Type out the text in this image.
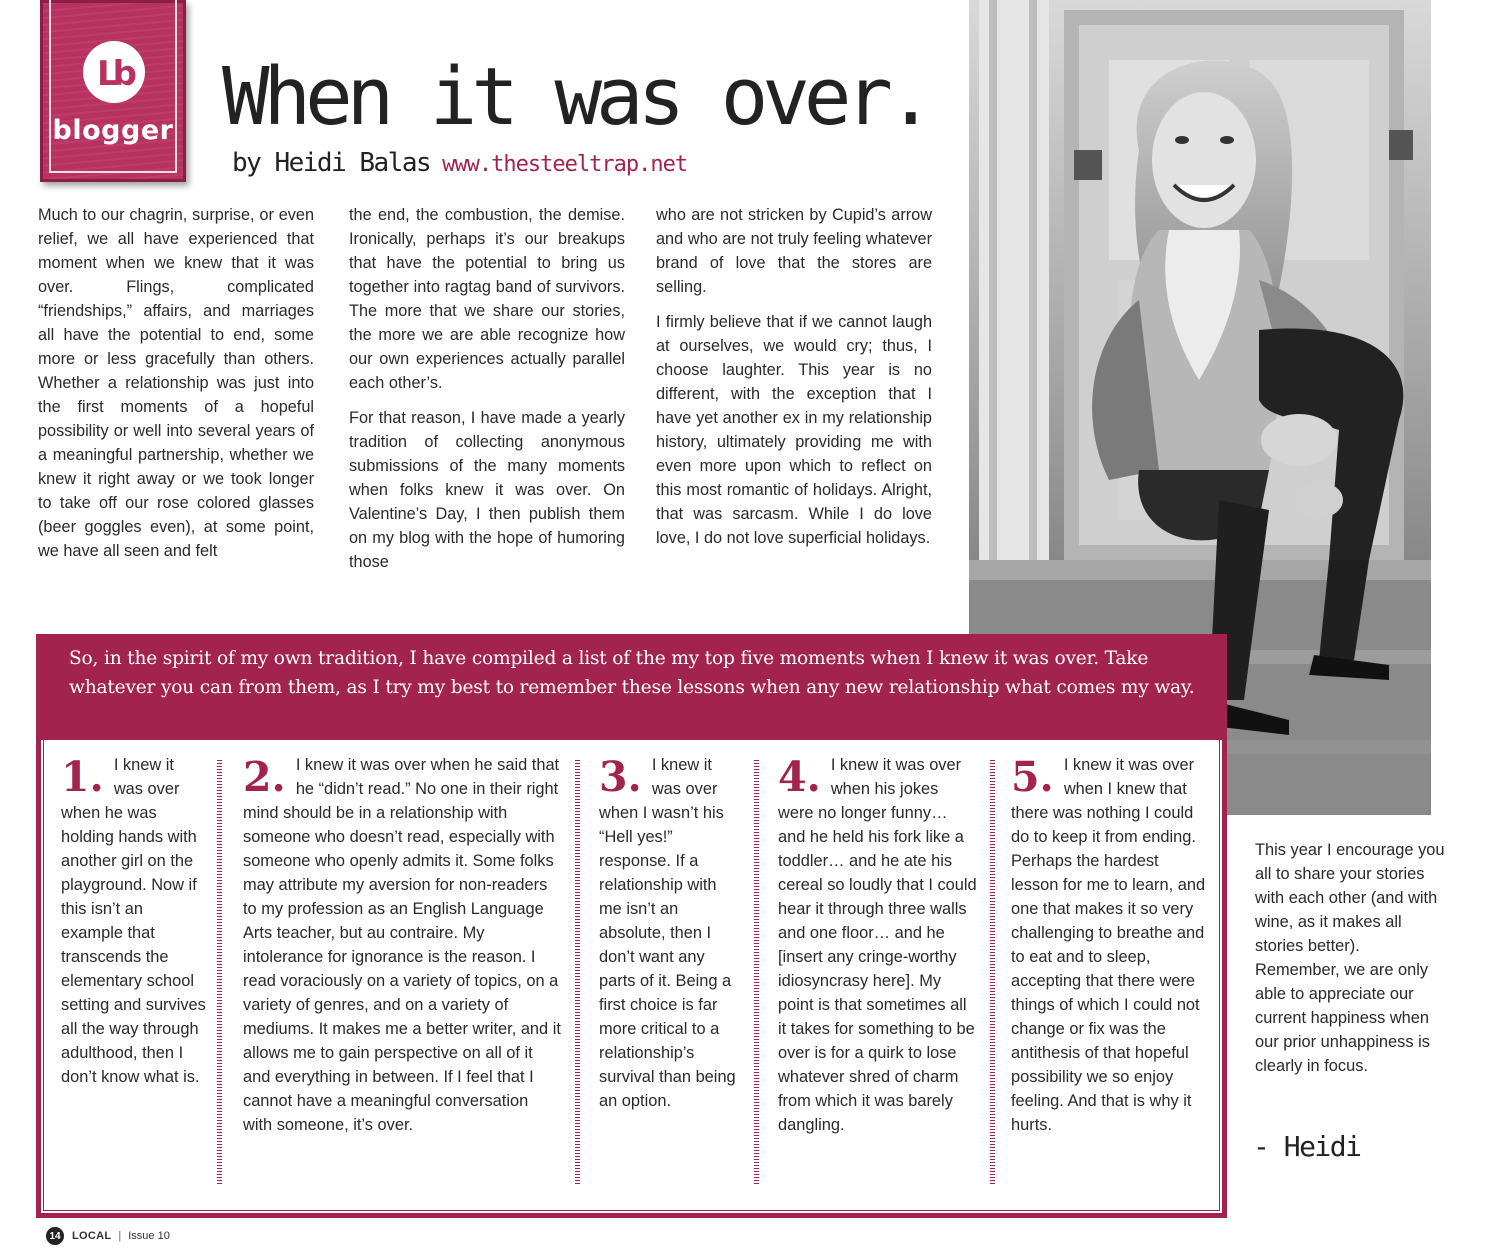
Lb
blogger When it was over.
by Heidi Balas www.thesteeltrap.net

Much to our chagrin, surprise, or even relief, we all have experienced that moment when we knew that it was over. Flings, complicated “friendships,” affairs, and marriages all have the potential to end, some more or less gracefully than others. Whether a relationship was just into the first moments of a hopeful possibility or well into several years of a meaningful partnership, whether we knew it right away or we took longer to take off our rose colored glasses (beer goggles even), at some point, we have all seen and felt

the end, the combustion, the demise. Ironically, perhaps it’s our breakups that have the potential to bring us together into ragtag band of survivors. The more that we share our stories, the more we are able recognize how our own experiences actually parallel each other’s.

For that reason, I have made a yearly tradition of collecting anonymous submissions of the many moments when folks knew it was over. On Valentine’s Day, I then publish them on my blog with the hope of humoring those

who are not stricken by Cupid’s arrow and who are not truly feeling whatever brand of love that the stores are selling.

I firmly believe that if we cannot laugh at ourselves, we would cry; thus, I choose laughter. This year is no different, with the exception that I have yet another ex in my relationship history, ultimately providing me with even more upon which to reflect on this most romantic of holidays. Alright, that was sarcasm. While I do love love, I do not love superficial holidays.

So, in the spirit of my own tradition, I have compiled a list of the my top five moments when I knew it was over. Take whatever you can from them, as I try my best to remember these lessons when any new relationship what comes my way.
1. I knew it was over when he was holding hands with another girl on the playground. Now if this isn’t an example that transcends the elementary school setting and survives all the way through adulthood, then I don’t know what is.
2. I knew it was over when he said that he “didn’t read.” No one in their right mind should be in a relationship with someone who doesn’t read, especially with someone who openly admits it. Some folks may attribute my aversion for non-readers to my profession as an English Language Arts teacher, but au contraire. My intolerance for ignorance is the reason. I read voraciously on a variety of topics, on a variety of genres, and on a variety of mediums. It makes me a better writer, and it allows me to gain perspective on all of it and everything in between. If I feel that I cannot have a meaningful conversation with someone, it’s over.
3. I knew it was over when I wasn’t his “Hell yes!” response. If a relationship with me isn’t an absolute, then I don’t want any parts of it. Being a first choice is far more critical to a relationship’s survival than being an option.
4. I knew it was over when his jokes were no longer funny… and he held his fork like a toddler… and he ate his cereal so loudly that I could hear it through three walls and one floor… and he [insert any cringe-worthy idiosyncrasy here]. My point is that sometimes all it takes for something to be over is for a quirk to lose whatever shred of charm from which it was barely dangling.
5. I knew it was over when I knew that there was nothing I could do to keep it from ending. Perhaps the hardest lesson for me to learn, and one that makes it so very challenging to breathe and to eat and to sleep, accepting that there were things of which I could not change or fix was the antithesis of that hopeful possibility we so enjoy feeling. And that is why it hurts.
This year I encourage you all to share your stories with each other (and with wine, as it makes all stories better). Remember, we are only able to appreciate our current happiness when our prior unhappiness is clearly in focus.
- Heidi
14	LOCAL | Issue 10
